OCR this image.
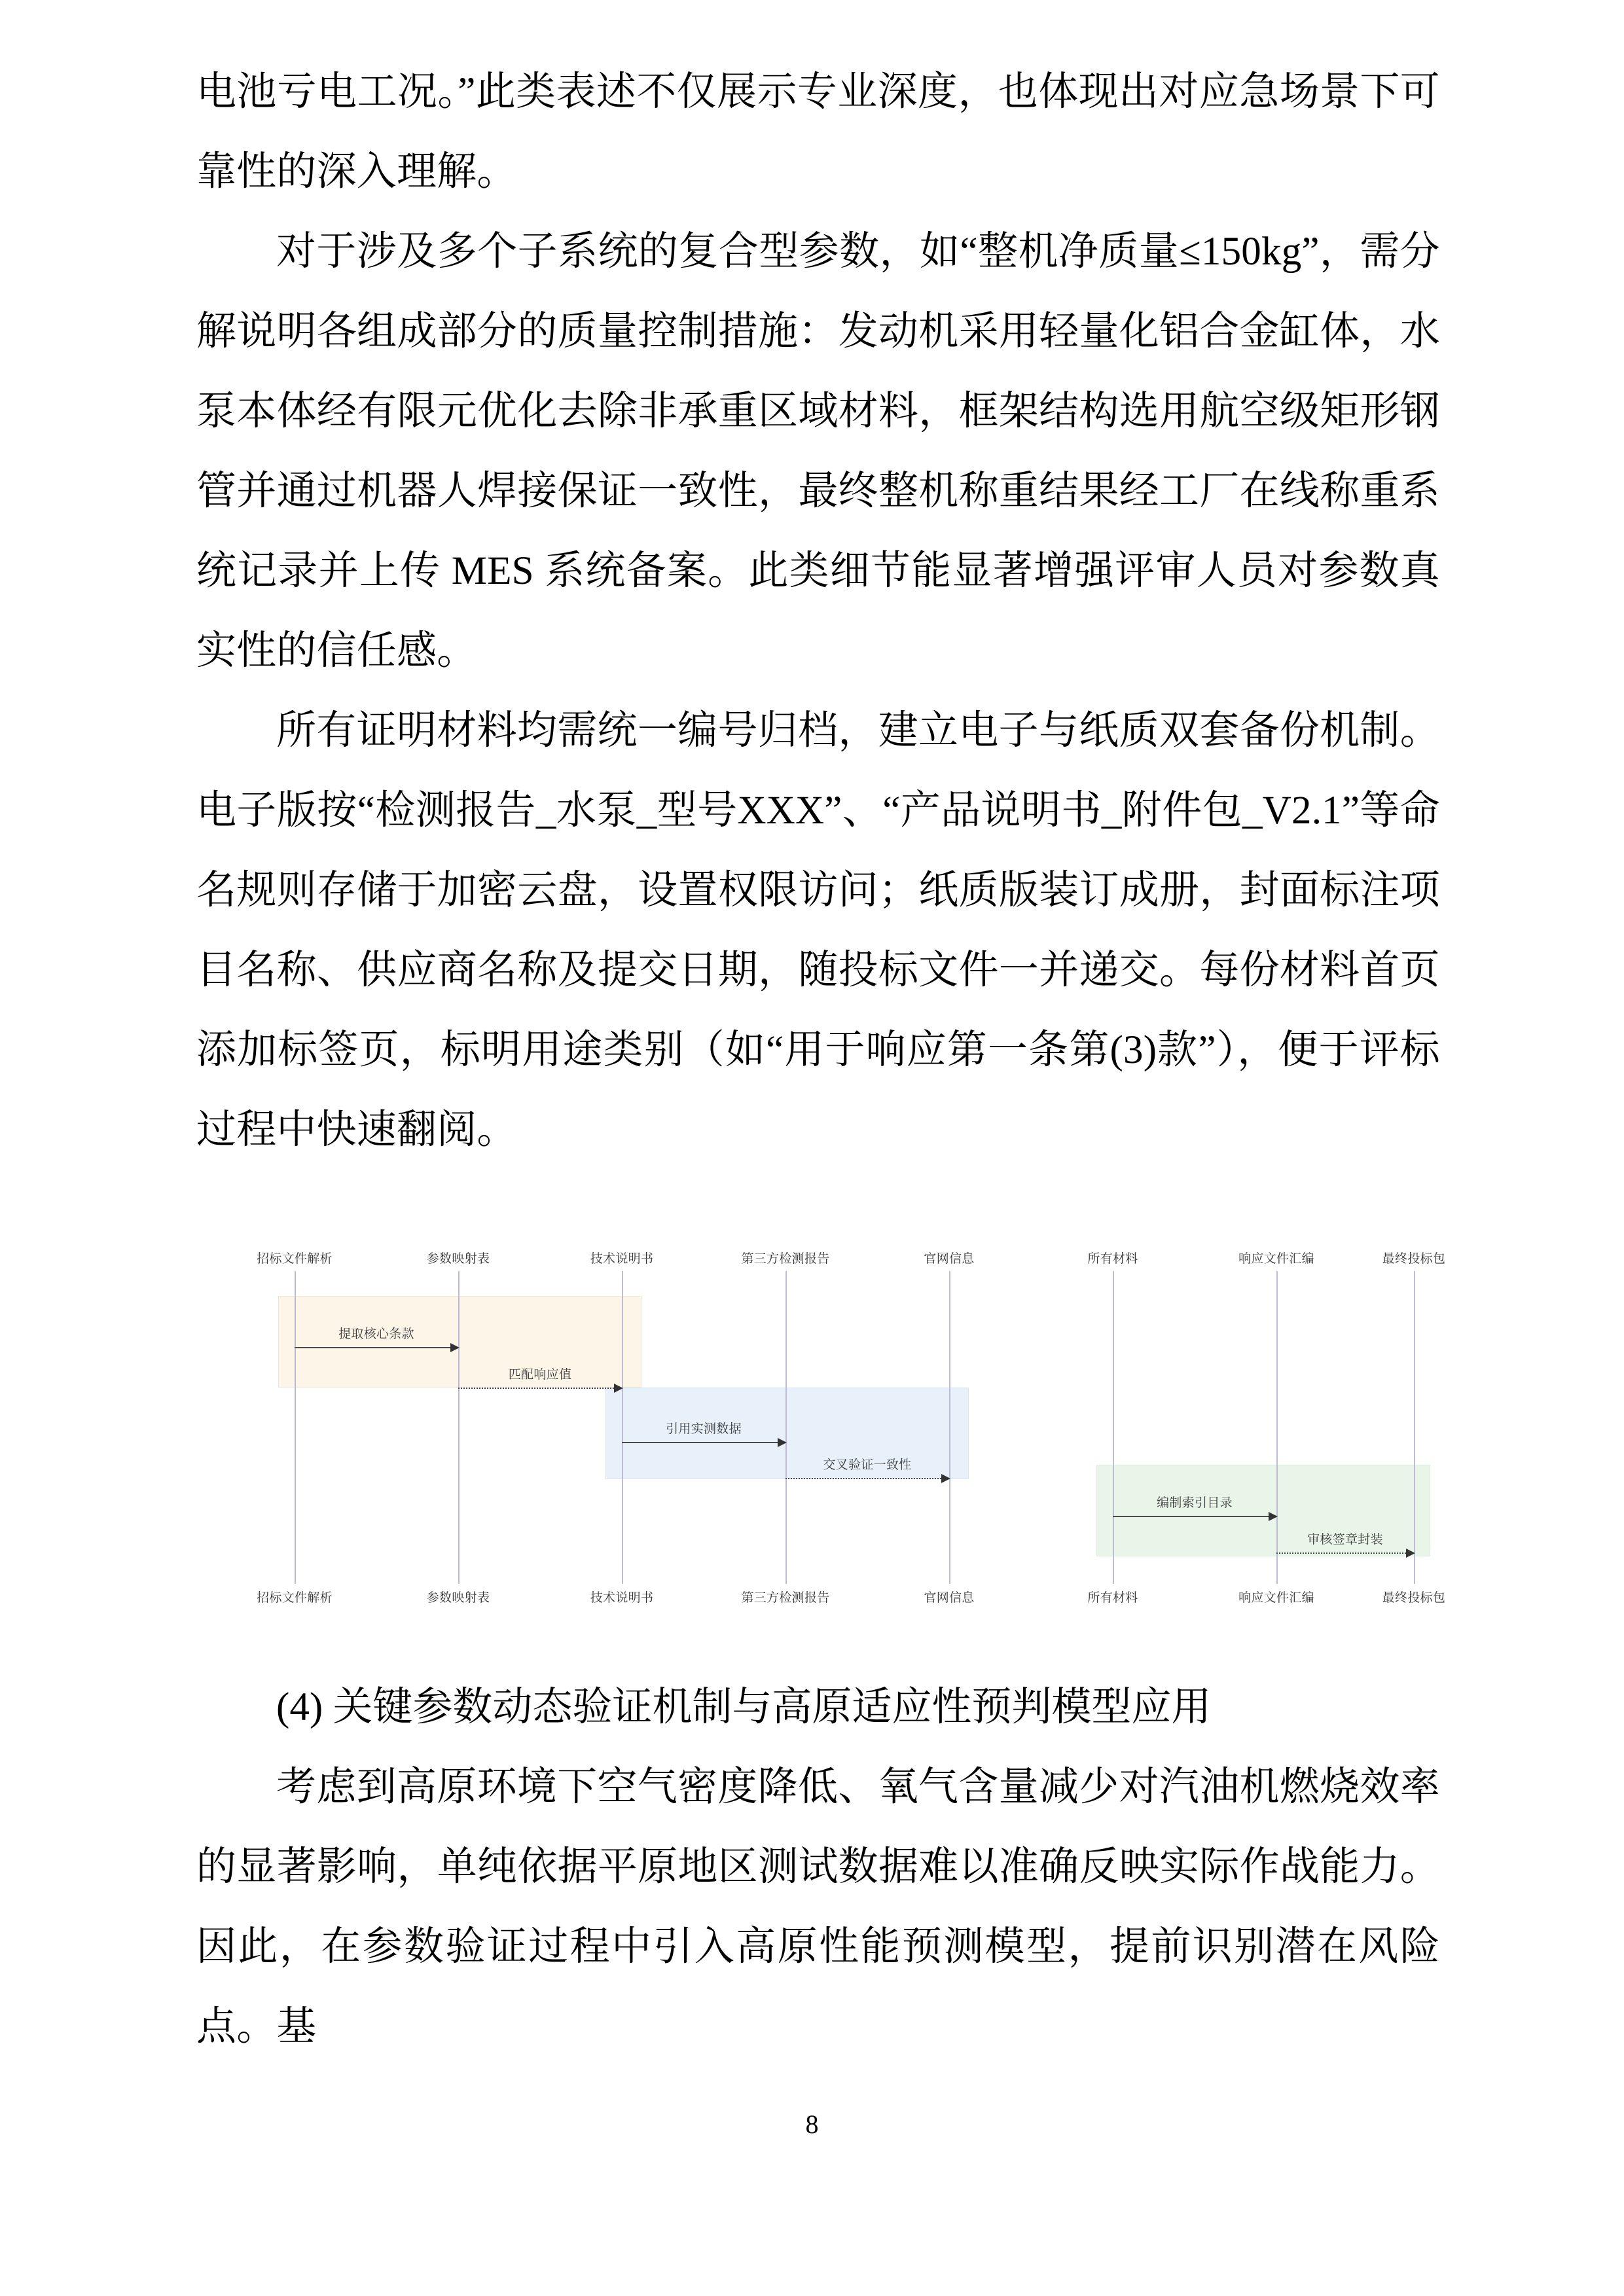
电池亏电工况。”此类表述不仅展示专业深度，也体现出对应急场景下可靠性的深入理解。

对于涉及多个子系统的复合型参数，如“整机净质量≤150kg”，需分解说明各组成部分的质量控制措施：发动机采用轻量化铝合金缸体，水泵本体经有限元优化去除非承重区域材料，框架结构选用航空级矩形钢管并通过机器人焊接保证一致性，最终整机称重结果经工厂在线称重系统记录并上传 MES 系统备案。此类细节能显著增强评审人员对参数真实性的信任感。

所有证明材料均需统一编号归档，建立电子与纸质双套备份机制。电子版按“检测报告_水泵_型号XXX”、“产品说明书_附件包_V2.1”等命名规则存储于加密云盘，设置权限访问；纸质版装订成册，封面标注项目名称、供应商名称及提交日期，随投标文件一并递交。每份材料首页添加标签页，标明用途类别（如“用于响应第一条第(3)款”），便于评标过程中快速翻阅。

招标文件解析	参数映射表	技术说明书	第三方检测报告	官网信息	所有材料	响应文件汇编	最终投标包
招标文件解析	参数映射表	技术说明书	第三方检测报告	官网信息	所有材料	响应文件汇编	最终投标包
提取核心条款
匹配响应值
引用实测数据
交叉验证一致性
编制索引目录
审核签章封装

(4) 关键参数动态验证机制与高原适应性预判模型应用

考虑到高原环境下空气密度降低、氧气含量减少对汽油机燃烧效率的显著影响，单纯依据平原地区测试数据难以准确反映实际作战能力。因此，在参数验证过程中引入高原性能预测模型，提前识别潜在风险点。基

8
